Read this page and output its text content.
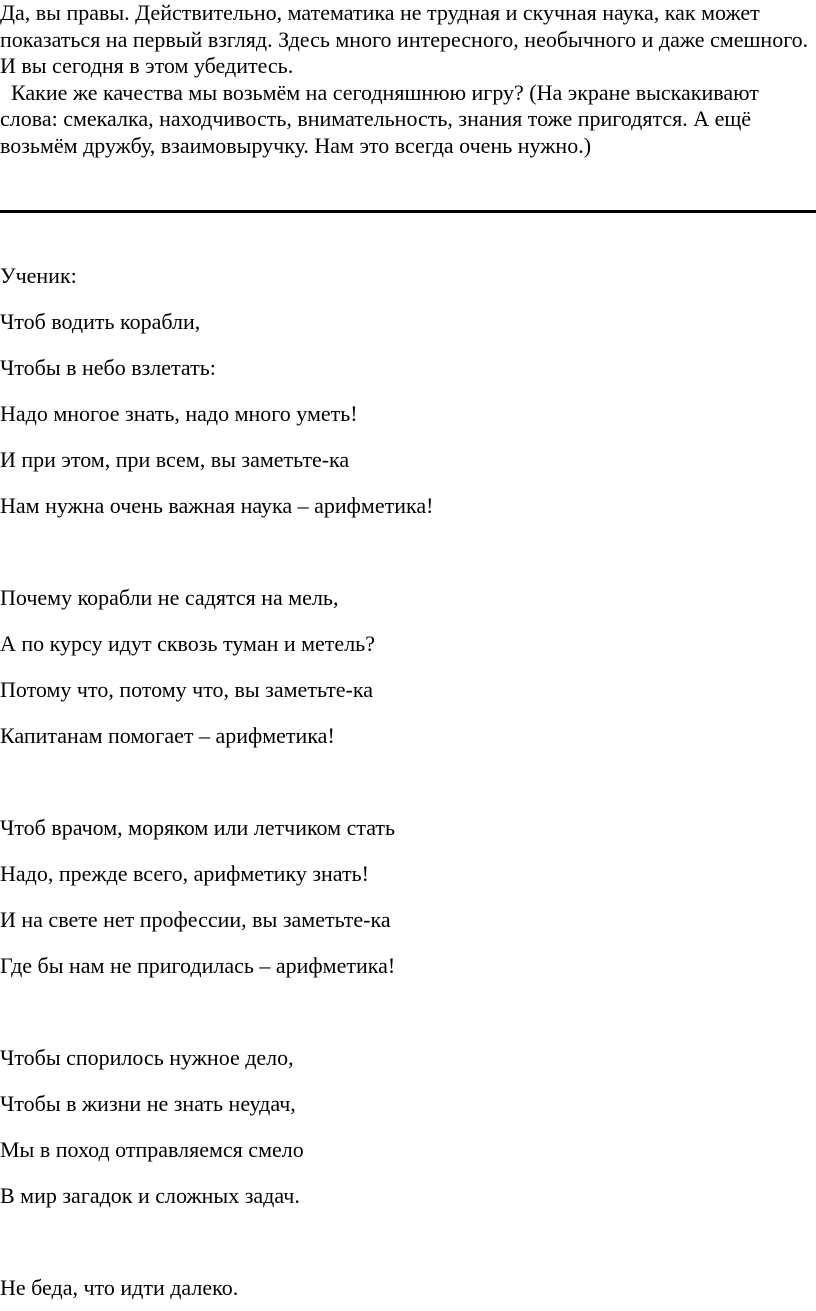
Да, вы правы. Действительно, математика не трудная и скучная наука, как может показаться на первый взгляд. Здесь много интересного, необычного и даже смешного. И вы сегодня в этом убедитесь.

Какие же качества мы возьмём на сегодняшнюю игру? (На экране выскакивают слова: смекалка, находчивость, внимательность, знания тоже пригодятся. А ещё возьмём дружбу, взаимовыручку. Нам это всегда очень нужно.)

Ученик:
Чтоб водить корабли,
Чтобы в небо взлетать:
Надо многое знать, надо много уметь!
И при этом, при всем, вы заметьте-ка
Нам нужна очень важная наука – арифметика!
Почему корабли не садятся на мель,
А по курсу идут сквозь туман и метель?
Потому что, потому что, вы заметьте-ка
Капитанам помогает – арифметика!
Чтоб врачом, моряком или летчиком стать
Надо, прежде всего, арифметику знать!
И на свете нет профессии, вы заметьте-ка
Где бы нам не пригодилась – арифметика!
Чтобы спорилось нужное дело,
Чтобы в жизни не знать неудач,
Мы в поход отправляемся смело
В мир загадок и сложных задач.
Не беда, что идти далеко.
